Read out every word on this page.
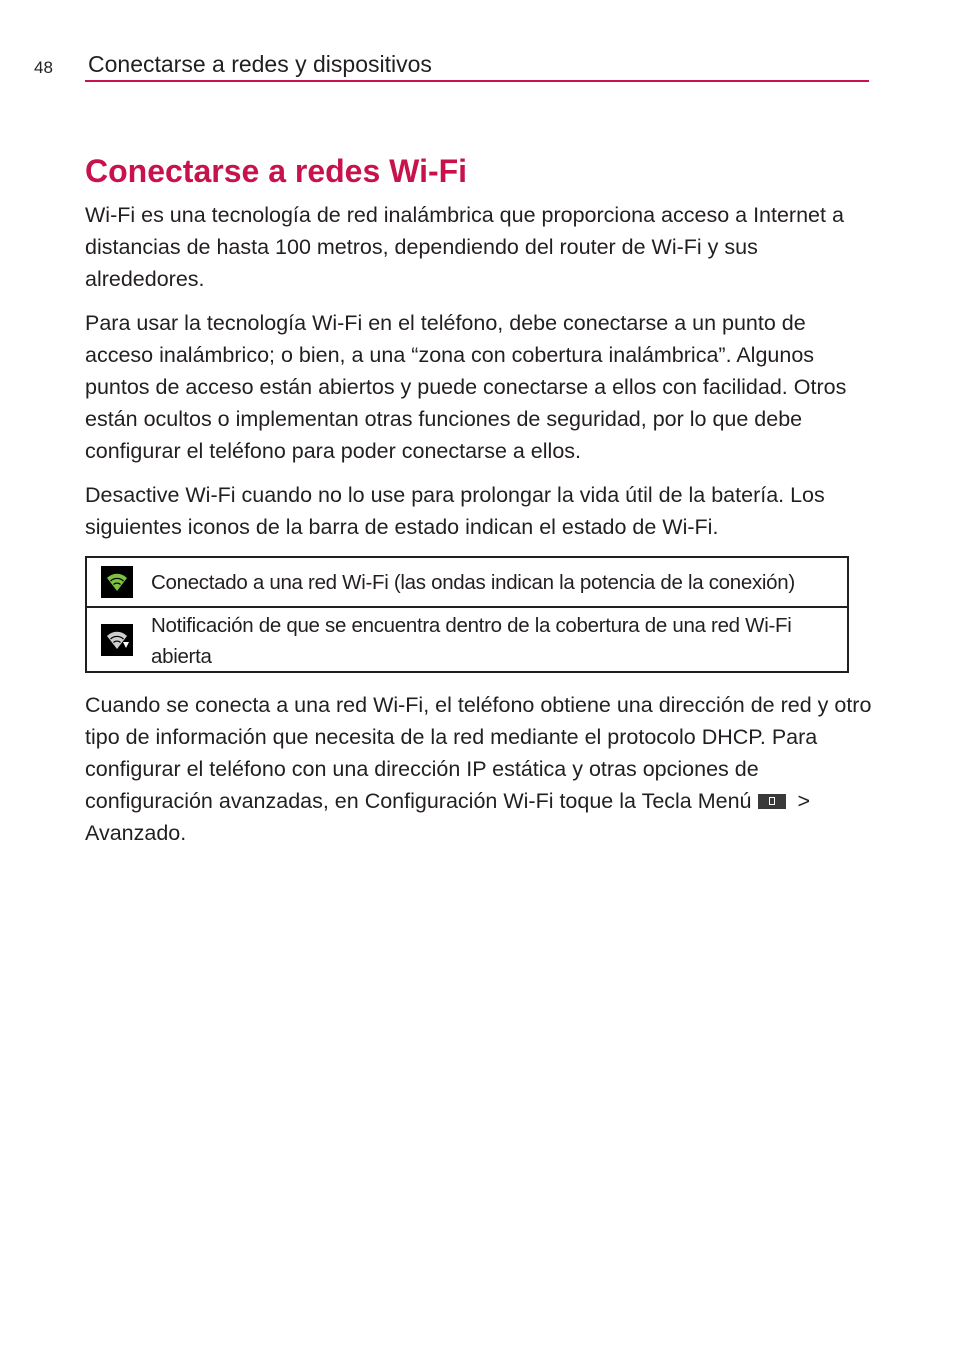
48 Conectarse a redes y dispositivos
Conectarse a redes Wi-Fi

Wi-Fi es una tecnología de red inalámbrica que proporciona acceso a Internet a distancias de hasta 100 metros, dependiendo del router de Wi-Fi y sus alrededores.

Para usar la tecnología Wi-Fi en el teléfono, debe conectarse a un punto de acceso inalámbrico; o bien, a una “zona con cobertura inalámbrica”. Algunos puntos de acceso están abiertos y puede conectarse a ellos con facilidad. Otros están ocultos o implementan otras funciones de seguridad, por lo que debe configurar el teléfono para poder conectarse a ellos.

Desactive Wi-Fi cuando no lo use para prolongar la vida útil de la batería. Los siguientes iconos de la barra de estado indican el estado de Wi-Fi.

Conectado a una red Wi-Fi (las ondas indican la potencia de la conexión)
Notificación de que se encuentra dentro de la cobertura de una red Wi-Fi abierta

Cuando se conecta a una red Wi-Fi, el teléfono obtiene una dirección de red y otro tipo de información que necesita de la red mediante el protocolo DHCP. Para configurar el teléfono con una dirección IP estática y otras opciones de configuración avanzadas, en Configuración Wi-Fi toque la Tecla Menú
> Avanzado.
